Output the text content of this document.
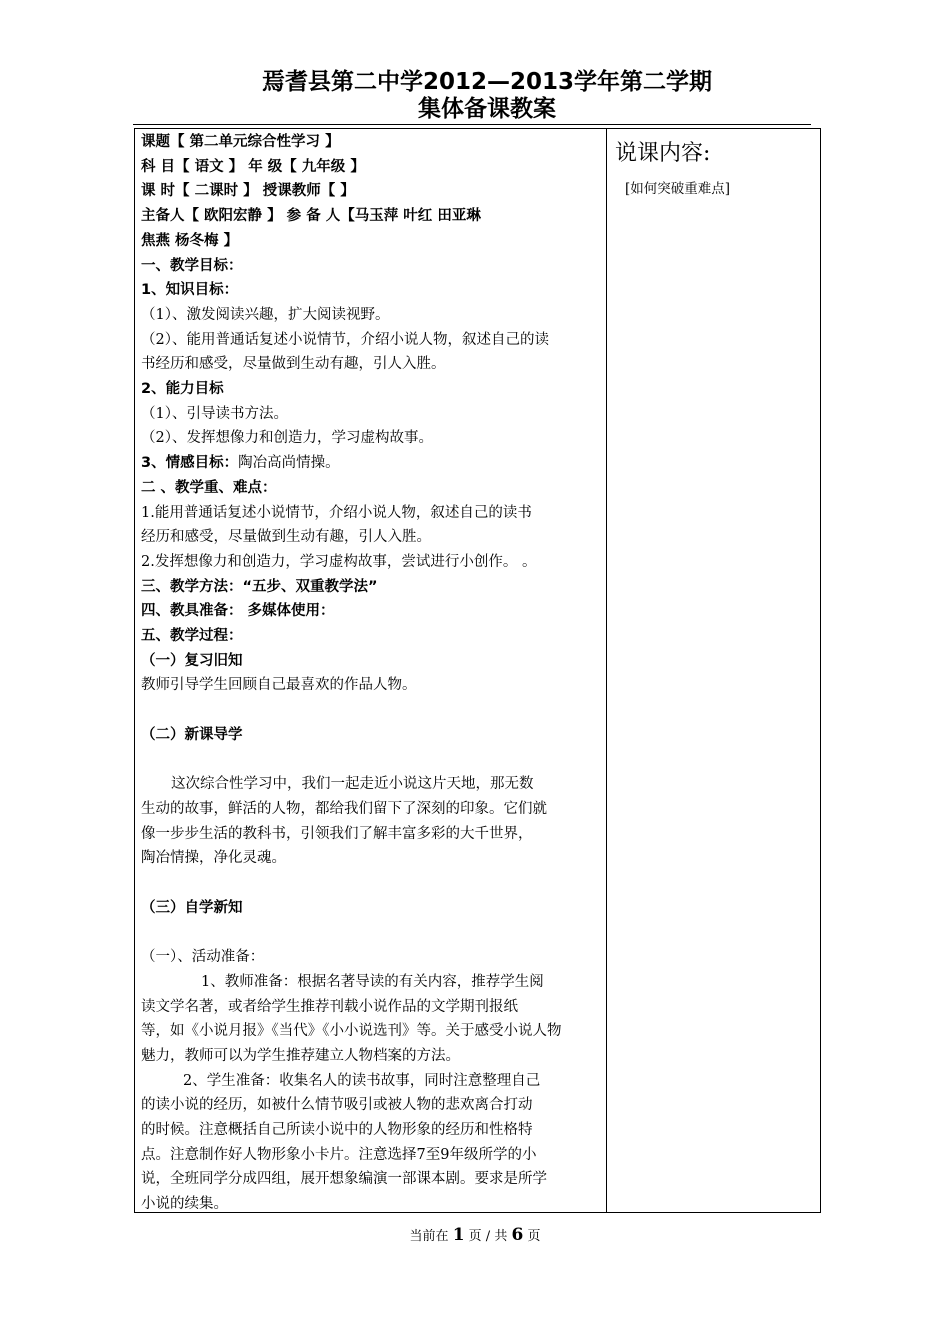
焉耆县第二中学2012—2013学年第二学期
集体备课教案

课题【 第二单元综合性学习 】

科 目【 语文 】 年 级【 九年级 】

课 时【 二课时 】 授课教师【 】

主备人【 欧阳宏静 】 参 备 人【马玉萍 叶红 田亚琳

焦燕 杨冬梅 】

一、教学目标：

1、知识目标：

（1）、激发阅读兴趣，扩大阅读视野。

（2）、能用普通话复述小说情节，介绍小说人物，叙述自己的读

书经历和感受，尽量做到生动有趣，引人入胜。

2、能力目标

（1）、引导读书方法。

（2）、发挥想像力和创造力，学习虚构故事。

3、情感目标：陶冶高尚情操。

二 、教学重、难点：

1.能用普通话复述小说情节，介绍小说人物，叙述自己的读书

经历和感受，尽量做到生动有趣，引人入胜。

2.发挥想像力和创造力，学习虚构故事，尝试进行小创作。 。

三、教学方法：“五步、双重教学法”

四、教具准备： 多媒体使用：

五、教学过程：

（一）复习旧知

教师引导学生回顾自己最喜欢的作品人物。

（二）新课导学

这次综合性学习中，我们一起走近小说这片天地，那无数

生动的故事，鲜活的人物，都给我们留下了深刻的印象。它们就

像一步步生活的教科书，引领我们了解丰富多彩的大千世界，

陶冶情操，净化灵魂。

（三）自学新知

（一）、活动准备：

1、教师准备：根据名著导读的有关内容，推荐学生阅

读文学名著，或者给学生推荐刊载小说作品的文学期刊报纸

等，如《小说月报》《当代》《小小说选刊》等。关于感受小说人物

魅力，教师可以为学生推荐建立人物档案的方法。

2、学生准备：收集名人的读书故事，同时注意整理自己

的读小说的经历，如被什么情节吸引或被人物的悲欢离合打动

的时候。注意概括自己所读小说中的人物形象的经历和性格特

点。注意制作好人物形象小卡片。注意选择7至9年级所学的小

说，全班同学分成四组，展开想象编演一部课本剧。要求是所学

小说的续集。

说课内容:

[如何突破重难点]

当前在 1 页 / 共 6 页
